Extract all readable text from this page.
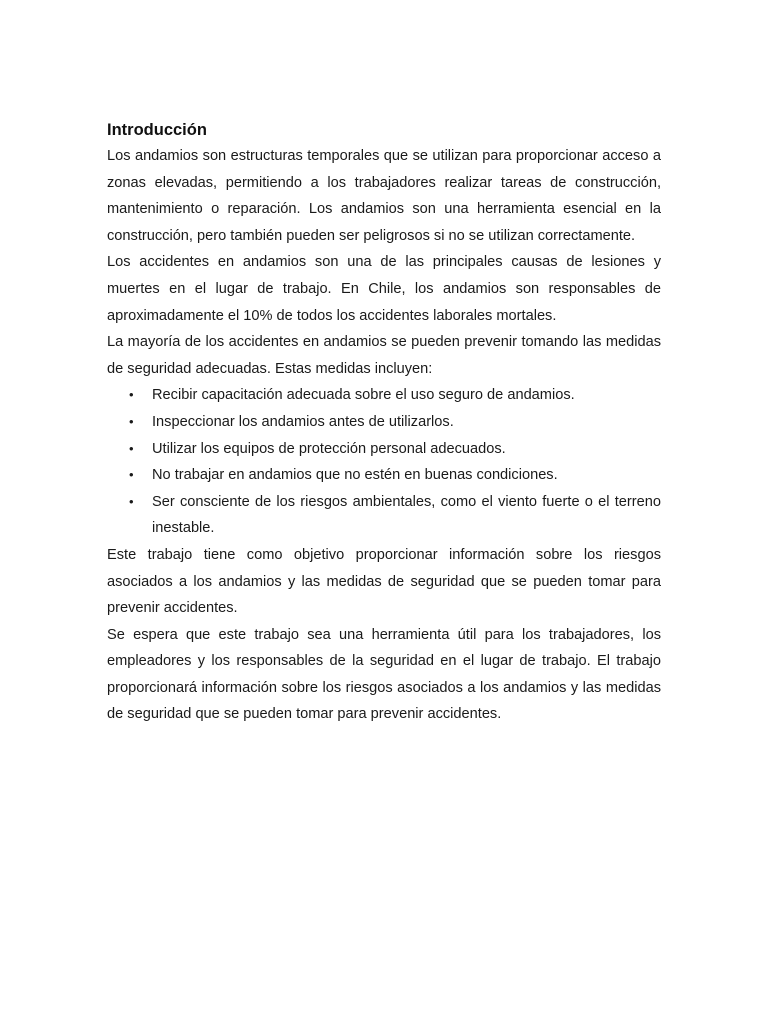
Introducción

Los andamios son estructuras temporales que se utilizan para proporcionar acceso a zonas elevadas, permitiendo a los trabajadores realizar tareas de construcción, mantenimiento o reparación. Los andamios son una herramienta esencial en la construcción, pero también pueden ser peligrosos si no se utilizan correctamente.

Los accidentes en andamios son una de las principales causas de lesiones y muertes en el lugar de trabajo. En Chile, los andamios son responsables de aproximadamente el 10% de todos los accidentes laborales mortales.

La mayoría de los accidentes en andamios se pueden prevenir tomando las medidas de seguridad adecuadas. Estas medidas incluyen:

• Recibir capacitación adecuada sobre el uso seguro de andamios.
• Inspeccionar los andamios antes de utilizarlos.
• Utilizar los equipos de protección personal adecuados.
• No trabajar en andamios que no estén en buenas condiciones.
• Ser consciente de los riesgos ambientales, como el viento fuerte o el terreno inestable.

Este trabajo tiene como objetivo proporcionar información sobre los riesgos asociados a los andamios y las medidas de seguridad que se pueden tomar para prevenir accidentes.

Se espera que este trabajo sea una herramienta útil para los trabajadores, los empleadores y los responsables de la seguridad en el lugar de trabajo. El trabajo proporcionará información sobre los riesgos asociados a los andamios y las medidas de seguridad que se pueden tomar para prevenir accidentes.
